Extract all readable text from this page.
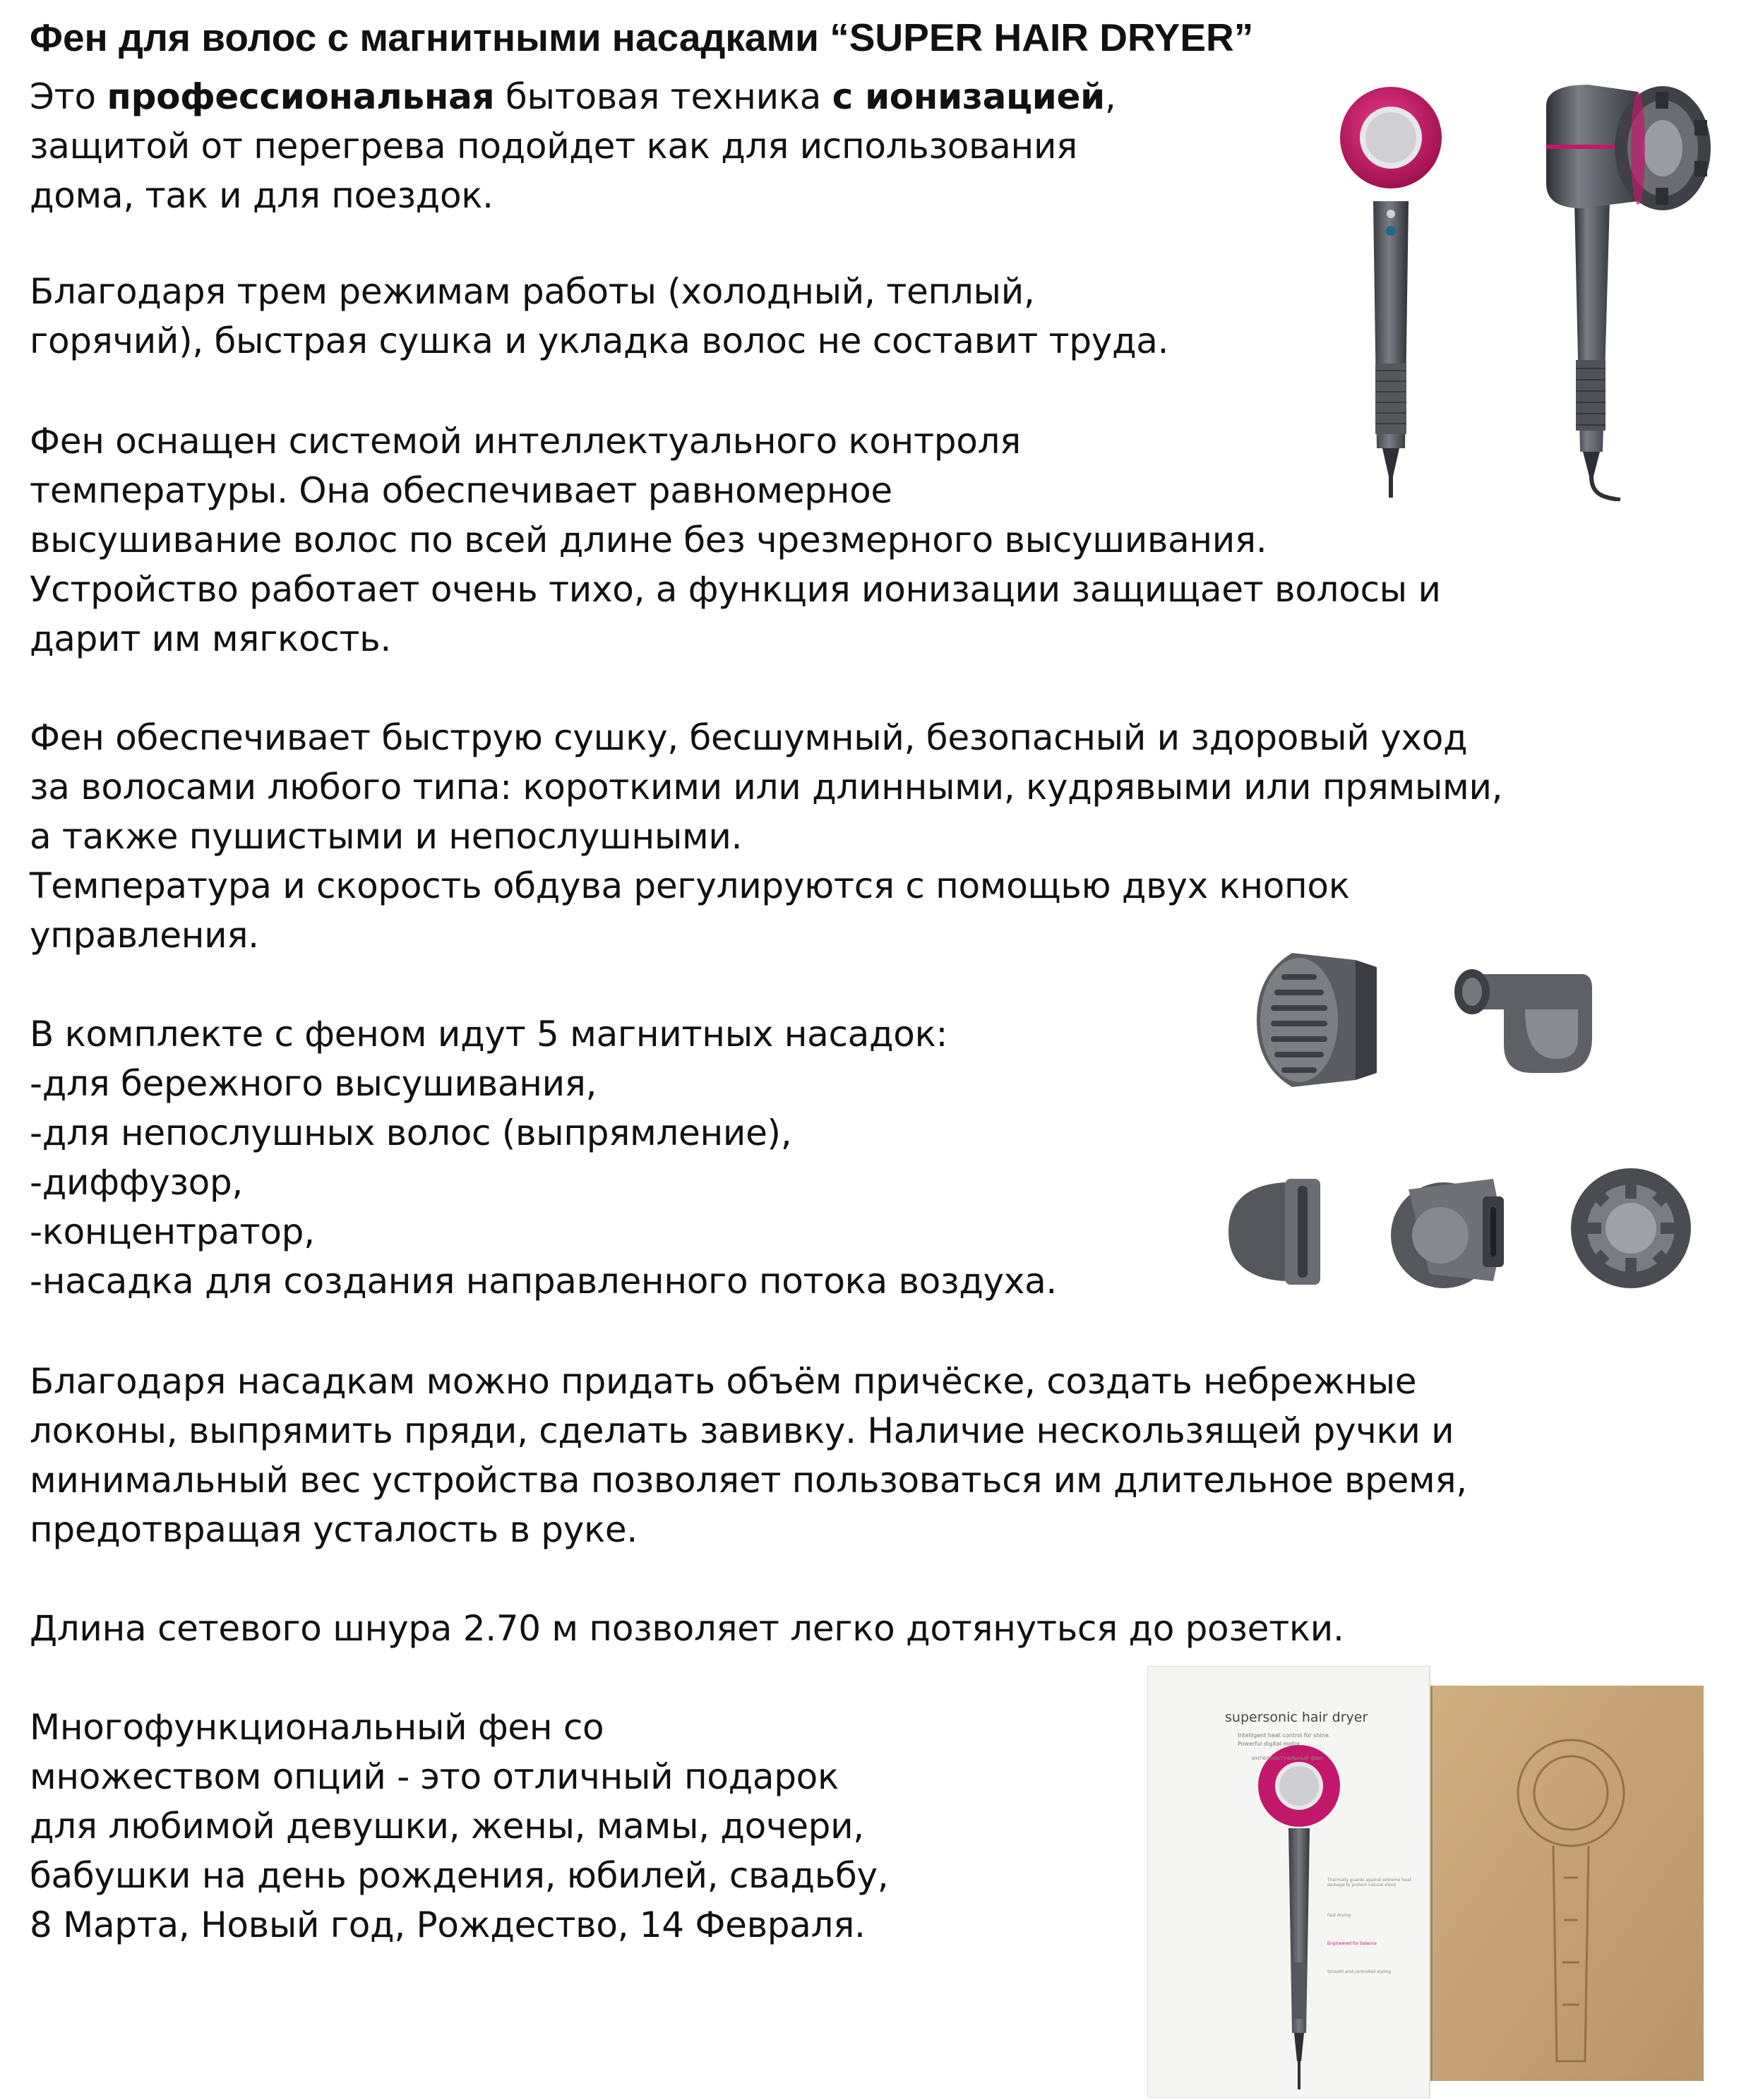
Фен для волос с магнитными насадками “SUPER HAIR DRYER”
Это профессиональная бытовая техника с ионизацией,
защитой от перегрева подойдет как для использования
дома, так и для поездок.
Благодаря трем режимам работы (холодный, теплый,
горячий), быстрая сушка и укладка волос не составит труда.
Фен оснащен системой интеллектуального контроля
температуры. Она обеспечивает равномерное
высушивание волос по всей длине без чрезмерного высушивания.
Устройство работает очень тихо, а функция ионизации защищает волосы и
дарит им мягкость.
Фен обеспечивает быструю сушку, бесшумный, безопасный и здоровый уход
за волосами любого типа: короткими или длинными, кудрявыми или прямыми,
а также пушистыми и непослушными.
Температура и скорость обдува регулируются с помощью двух кнопок
управления.
В комплекте с феном идут 5 магнитных насадок:
-для бережного высушивания,
-для непослушных волос (выпрямление),
-диффузор,
-концентратор,
-насадка для создания направленного потока воздуха.
Благодаря насадкам можно придать объём причёске, создать небрежные
локоны, выпрямить пряди, сделать завивку. Наличие нескользящей ручки и
минимальный вес устройства позволяет пользоваться им длительное время,
предотвращая усталость в руке.
Длина сетевого шнура 2.70 м позволяет легко дотянуться до розетки.
Многофункциональный фен со
множеством опций - это отличный подарок
для любимой девушки, жены, мамы, дочери,
бабушки на день рождения, юбилей, свадьбу,
8 Марта, Новый год, Рождество, 14 Февраля.
supersonic hair dryer
Intelligent heat control for shine.
Powerful digital motor.
интеллектуальный фен
Thermally guards against extreme heat damage to protect natural shine
Fast drying
Engineered for balance
Smooth and controlled styling
